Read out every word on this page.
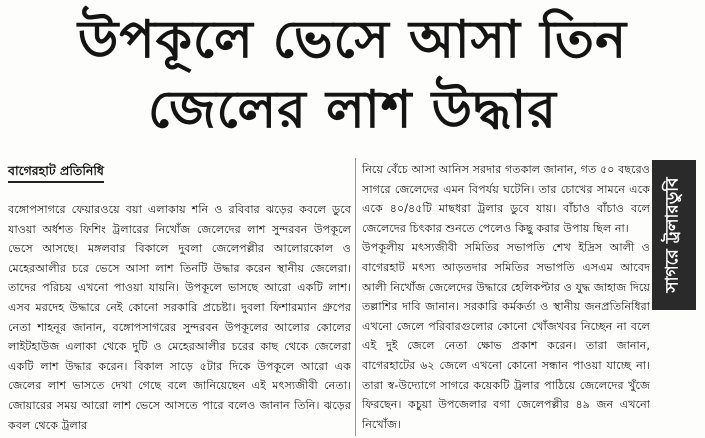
উপকূলে ভেসে আসা তিন
জেলের লাশ উদ্ধার
বাগেরহাট প্রতিনিধি

বঙ্গোপসাগরে ফেয়ারওয়ে বয়া এলাকায় শনি ও রবিবার ঝড়ের কবলে ডুবে যাওয়া অর্ধশত ফিশিং ট্রলারের নিখোঁজ জেলেদের লাশ সুন্দরবন উপকূলে ভেসে আসছে। মঙ্গলবার বিকালে দুবলা জেলেপল্লীর আলোরকোল ও মেহেরআলীর চরে ভেসে আসা লাশ তিনটি উদ্ধার করেন স্থানীয় জেলেরা। তাদের পরিচয় এখনো পাওয়া যায়নি। উপকূলে ভাসছে আরো একটি লাশ। এসব মরদেহ উদ্ধারে নেই কোনো সরকারি প্রচেষ্টা। দুবলা ফিশারম্যান গ্রুপের নেতা শাহনূর জানান, বঙ্গোপসাগরের সুন্দরবন উপকূলের আলোর কোলের লাইটহাউজ এলাকা থেকে দুটি ও মেহেরআলীর চরের কাছ থেকে জেলেরা একটি লাশ উদ্ধার করেন। বিকাল সাড়ে ৫টার দিকে উপকূলে আরো এক জেলের লাশ ভাসতে দেখা গেছে বলে জানিয়েছেন এই মৎস্যজীবী নেতা। জোয়ারের সময় আরো লাশ ভেসে আসতে পারে বলেও জানান তিনি। ঝড়ের কবল থেকে ট্রলার

নিয়ে বেঁচে আসা আনিস সরদার গতকাল জানান, গত ৫০ বছরেও সাগরে জেলেদের এমন বিপর্যয় ঘটেনি। তার চোখের সামনে একে একে ৪০/৪৫টি মাছধরা ট্রলার ডুবে যায়। বাঁচাও বাঁচাও বলে জেলেদের চিৎকার শুনতে পেলেও কিছু করার উপায় ছিল না।

উপকূলীয় মৎস্যজীবী সমিতির সভাপতি শেখ ইদ্রিস আলী ও বাগেরহাট মৎস্য আড়তদার সমিতির সভাপতি এসএম আবেদ আলী নিখোঁজ জেলেদের উদ্ধারে হেলিকপ্টার ও যুদ্ধ জাহাজ দিয়ে তল্লাশির দাবি জানান। সরকারি কর্মকর্তা ও স্থানীয় জনপ্রতিনিধিরা এখনো জেলে পরিবারগুলোর কোনো খোঁজখবর নিচ্ছেন না বলে এই দুই জেলে নেতা ক্ষোভ প্রকাশ করেন। তারা জানান, বাগেরহাটের ৬২ জেলে এখনো কোনো সন্ধান পাওয়া যাচ্ছে না। তারা স্ব-উদ্যোগে সাগরে কয়েকটি ট্রলার পাঠিয়ে জেলেদের খুঁজে ফিরছেন। কচুয়া উপজেলার বগা জেলেপল্লীর ৪৯ জন এখনো নিখোঁজ।

সাগরে ট্রলারডুবি
